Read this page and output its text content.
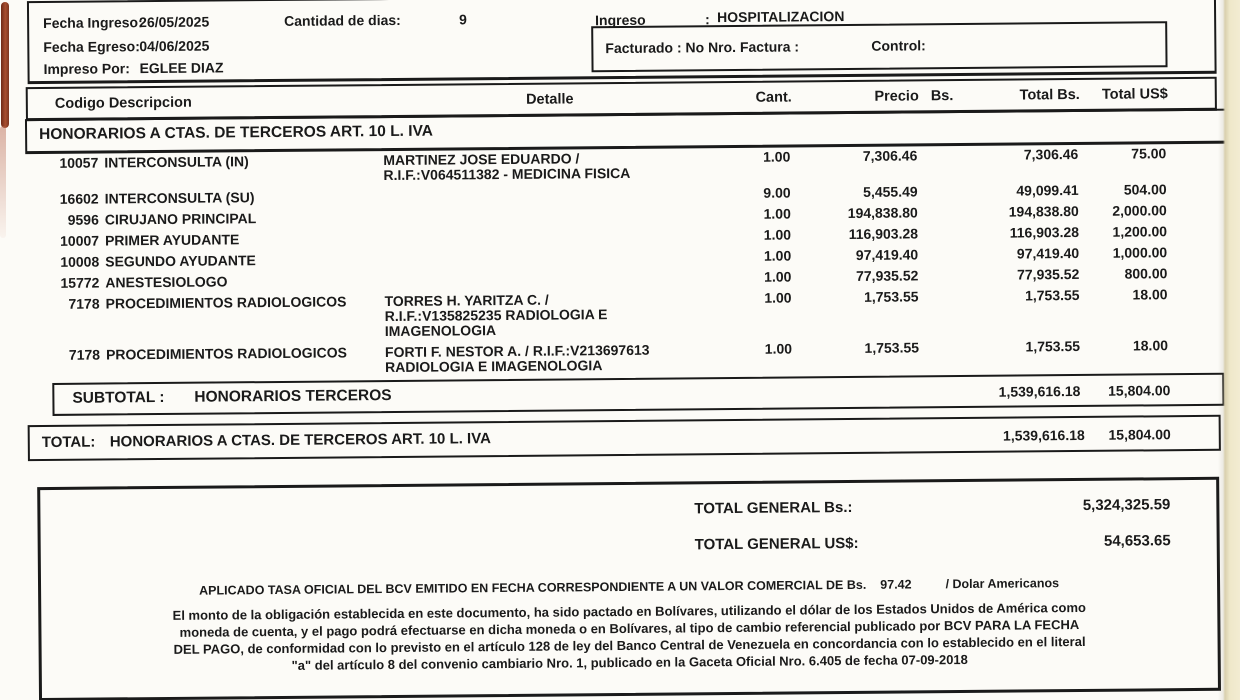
Fecha Ingreso:
26/05/2025	Cantidad de dias:	9	Ingreso	: HOSPITALIZACION
Fecha Egreso: 04/06/2025
Impreso Por: EGLEE DIAZ
Facturado : No Nro. Factura :	Control:
Codigo Descripcion	Detalle	Cant.	Precio Bs.	Total Bs.	Total US$
HONORARIOS A CTAS. DE TERCEROS ART. 10 L. IVA
10057 INTERCONSULTA (IN)	MARTINEZ JOSE EDUARDO /
R.I.F.:V064511382 - MEDICINA FISICA
1.00	7,306.46	7,306.46	75.00
16602 INTERCONSULTA (SU)	9.00	5,455.49	49,099.41	504.00
9596 CIRUJANO PRINCIPAL	1.00	194,838.80	194,838.80	2,000.00
10007 PRIMER AYUDANTE	1.00	116,903.28	116,903.28	1,200.00
10008 SEGUNDO AYUDANTE	1.00	97,419.40	97,419.40	1,000.00
15772 ANESTESIOLOGO	1.00	77,935.52	77,935.52	800.00
7178 PROCEDIMIENTOS RADIOLOGICOS	TORRES H. YARITZA C. /
R.I.F.:V135825235 RADIOLOGIA E
IMAGENOLOGIA
1.00	1,753.55	1,753.55	18.00
7178 PROCEDIMIENTOS RADIOLOGICOS	FORTI F. NESTOR A. / R.I.F.:V213697613
RADIOLOGIA E IMAGENOLOGIA
1.00	1,753.55	1,753.55	18.00
SUBTOTAL : HONORARIOS TERCEROS	1,539,616.18 15,804.00
TOTAL: HONORARIOS A CTAS. DE TERCEROS ART. 10 L. IVA	1,539,616.18 15,804.00
TOTAL GENERAL Bs.:	5,324,325.59
TOTAL GENERAL US$:	54,653.65
APLICADO TASA OFICIAL DEL BCV EMITIDO EN FECHA CORRESPONDIENTE A UN VALOR COMERCIAL DE Bs. 97.42	/ Dolar Americanos
El monto de la obligación establecida en este documento, ha sido pactado en Bolívares, utilizando el dólar de los Estados Unidos de América como
moneda de cuenta, y el pago podrá efectuarse en dicha moneda o en Bolívares, al tipo de cambio referencial publicado por BCV PARA LA FECHA
DEL PAGO, de conformidad con lo previsto en el artículo 128 de ley del Banco Central de Venezuela en concordancia con lo establecido en el literal
"a" del artículo 8 del convenio cambiario Nro. 1, publicado en la Gaceta Oficial Nro. 6.405 de fecha 07-09-2018
